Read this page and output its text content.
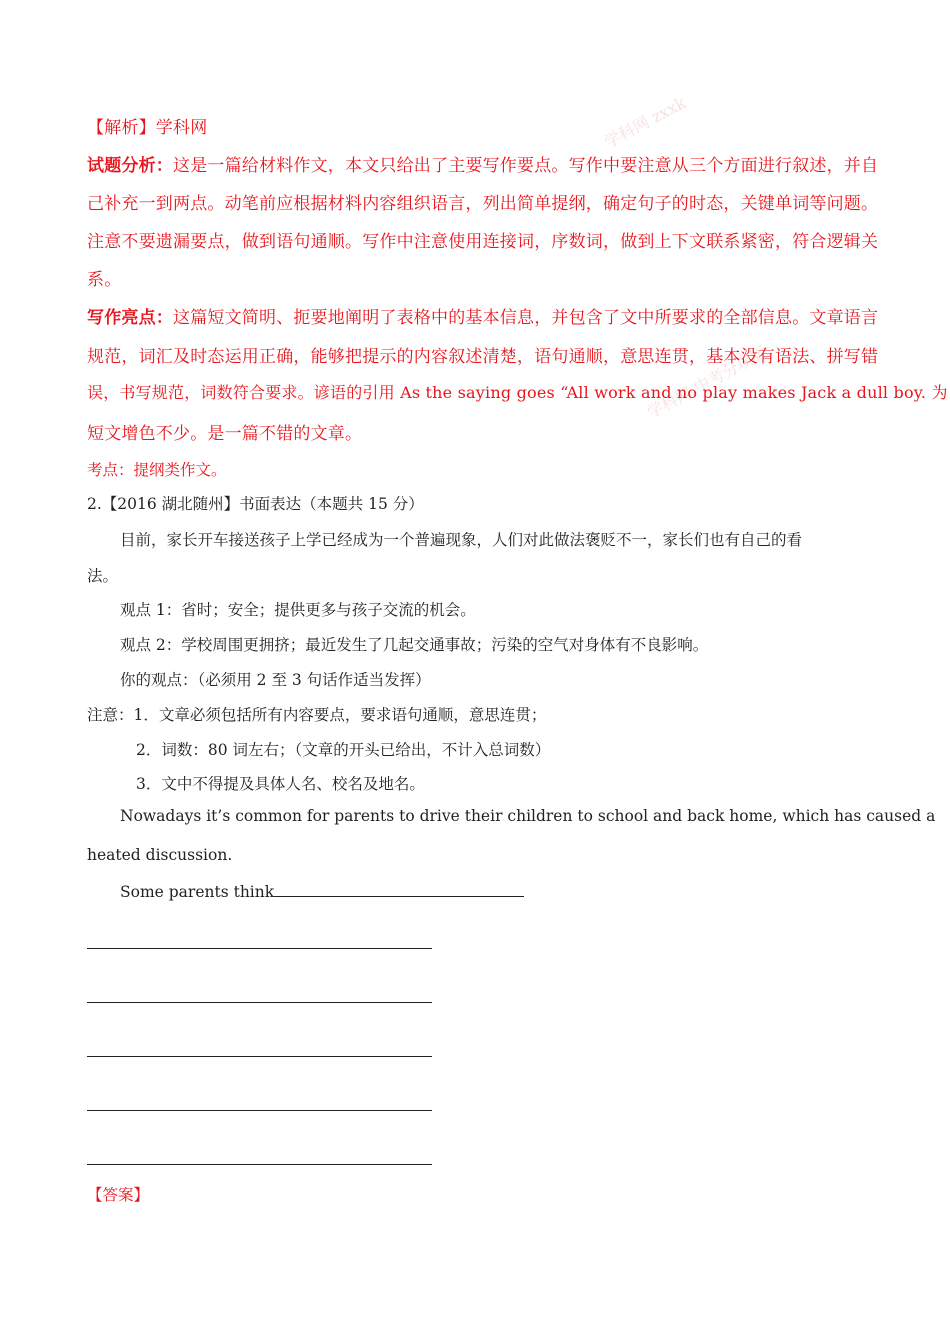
学科网 zxxk
学科网 中考分项版
【解析】学科网
试题分析：这是一篇给材料作文，本文只给出了主要写作要点。写作中要注意从三个方面进行叙述，并自
己补充一到两点。动笔前应根据材料内容组织语言，列出简单提纲，确定句子的时态，关键单词等问题。
注意不要遗漏要点，做到语句通顺。写作中注意使用连接词，序数词，做到上下文联系紧密，符合逻辑关
系。
写作亮点：这篇短文简明、扼要地阐明了表格中的基本信息，并包含了文中所要求的全部信息。文章语言
规范，词汇及时态运用正确，能够把提示的内容叙述清楚，语句通顺，意思连贯，基本没有语法、拼写错
误，书写规范，词数符合要求。谚语的引用 As the saying goes “All work and no play makes Jack a dull boy. 为
短文增色不少。是一篇不错的文章。
考点：提纲类作文。
2.【2016 湖北随州】书面表达（本题共 15 分）
目前，家长开车接送孩子上学已经成为一个普遍现象，人们对此做法褒贬不一，家长们也有自己的看
法。
观点 1：省时；安全；提供更多与孩子交流的机会。
观点 2：学校周围更拥挤；最近发生了几起交通事故；污染的空气对身体有不良影响。
你的观点：（必须用 2 至 3 句话作适当发挥）
注意：1．文章必须包括所有内容要点，要求语句通顺，意思连贯；
2．词数：80 词左右；（文章的开头已给出，不计入总词数）
3．文中不得提及具体人名、校名及地名。
Nowadays it’s common for parents to drive their children to school and back home, which has caused a
heated discussion.
Some parents think
【答案】
